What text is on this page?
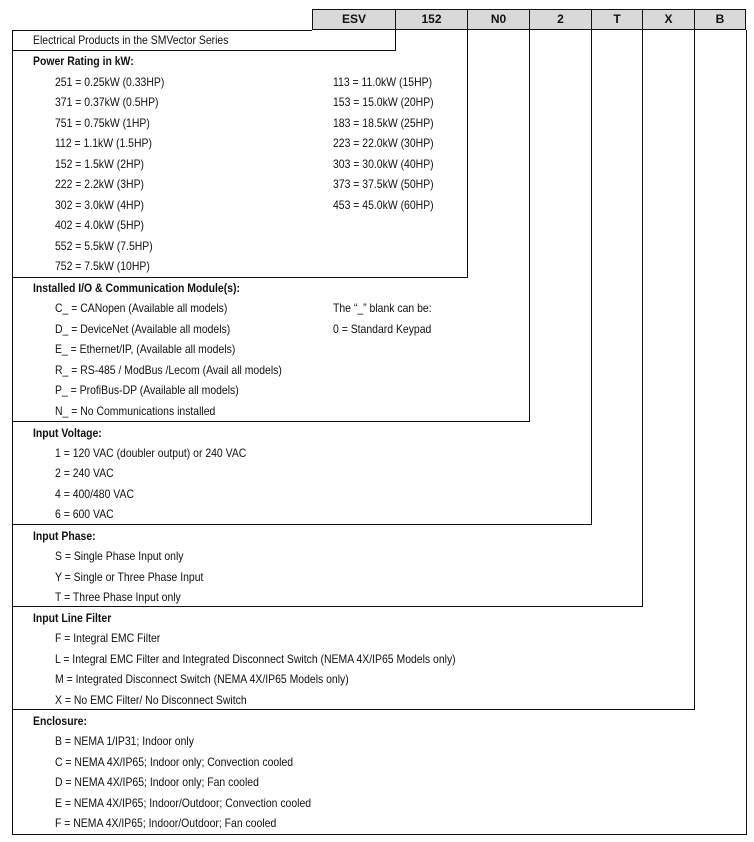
ESV	152	N0	2	T	X	B
Electrical Products in the SMVector Series
Power Rating in kW:
251 = 0.25kW (0.33HP)
371 = 0.37kW (0.5HP)
751 = 0.75kW (1HP)
112 = 1.1kW (1.5HP)
152 = 1.5kW (2HP)
222 = 2.2kW (3HP)
302 = 3.0kW (4HP)
402 = 4.0kW (5HP)
552 = 5.5kW (7.5HP)
752 = 7.5kW (10HP)
113 = 11.0kW (15HP)
153 = 15.0kW (20HP)
183 = 18.5kW (25HP)
223 = 22.0kW (30HP)
303 = 30.0kW (40HP)
373 = 37.5kW (50HP)
453 = 45.0kW (60HP)
Installed I/O & Communication Module(s):
C_ = CANopen (Available all models)
D_ = DeviceNet (Available all models)
E_ = Ethernet/IP, (Available all models)
R_ = RS-485 / ModBus /Lecom (Avail all models)
P_ = ProfiBus-DP (Available all models)
N_ = No Communications installed
The “_” blank can be:
0 = Standard Keypad
Input Voltage:
1 = 120 VAC (doubler output) or 240 VAC
2 = 240 VAC
4 = 400/480 VAC
6 = 600 VAC
Input Phase:
S = Single Phase Input only
Y = Single or Three Phase Input
T = Three Phase Input only
Input Line Filter
F = Integral EMC Filter
L = Integral EMC Filter and Integrated Disconnect Switch (NEMA 4X/IP65 Models only)
M = Integrated Disconnect Switch (NEMA 4X/IP65 Models only)
X = No EMC Filter/ No Disconnect Switch
Enclosure:
B = NEMA 1/IP31; Indoor only
C = NEMA 4X/IP65; Indoor only; Convection cooled
D = NEMA 4X/IP65; Indoor only; Fan cooled
E = NEMA 4X/IP65; Indoor/Outdoor; Convection cooled
F = NEMA 4X/IP65; Indoor/Outdoor; Fan cooled
